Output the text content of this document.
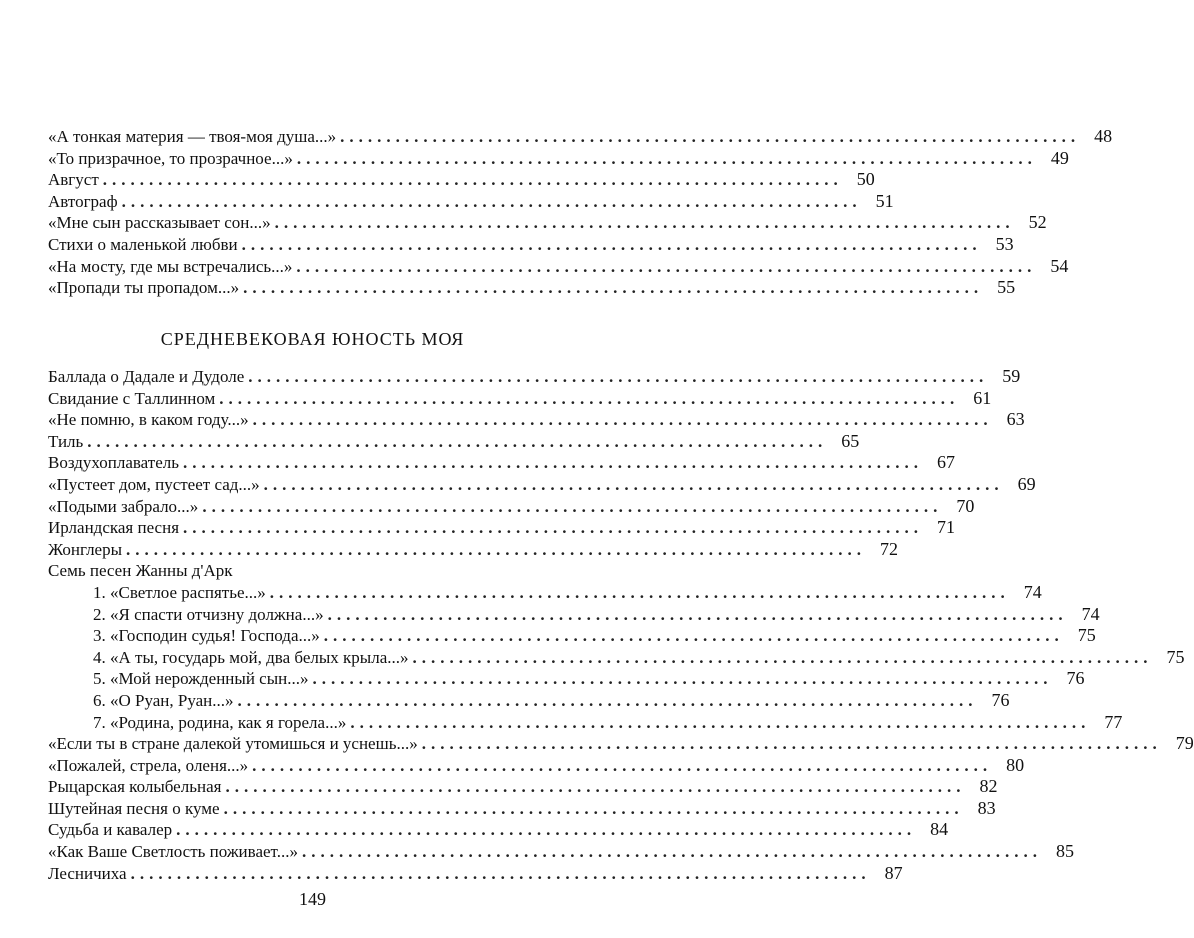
«А тонкая материя — твоя-моя душа...» ................................................................................ 48
«То призрачное, то прозрачное...» ................................................................................ 49
Август ................................................................................ 50
Автограф ................................................................................ 51
«Мне сын рассказывает сон...» ................................................................................ 52
Стихи о маленькой любви ................................................................................ 53
«На мосту, где мы встречались...» ................................................................................ 54
«Пропади ты пропадом...» ................................................................................ 55
СРЕДНЕВЕКОВАЯ ЮНОСТЬ МОЯ
Баллада о Дадале и Дудоле ................................................................................ 59
Свидание с Таллинном ................................................................................ 61
«Не помню, в каком году...» ................................................................................ 63
Тиль ................................................................................ 65
Воздухоплаватель ................................................................................ 67
«Пустеет дом, пустеет сад...» ................................................................................ 69
«Подыми забрало...» ................................................................................ 70
Ирландская песня ................................................................................ 71
Жонглеры ................................................................................ 72
Семь песен Жанны д'Арк
1. «Светлое распятье...» ................................................................................ 74
2. «Я спасти отчизну должна...» ................................................................................ 74
3. «Господин судья! Господа...» ................................................................................ 75
4. «А ты, государь мой, два белых крыла...» ................................................................................ 75
5. «Мой нерожденный сын...» ................................................................................ 76
6. «О Руан, Руан...» ................................................................................ 76
7. «Родина, родина, как я горела...» ................................................................................ 77
«Если ты в стране далекой утомишься и уснешь...» ................................................................................ 79
«Пожалей, стрела, оленя...» ................................................................................ 80
Рыцарская колыбельная ................................................................................ 82
Шутейная песня о куме ................................................................................ 83
Судьба и кавалер ................................................................................ 84
«Как Ваше Светлость поживает...» ................................................................................ 85
Лесничиха ................................................................................ 87
149
